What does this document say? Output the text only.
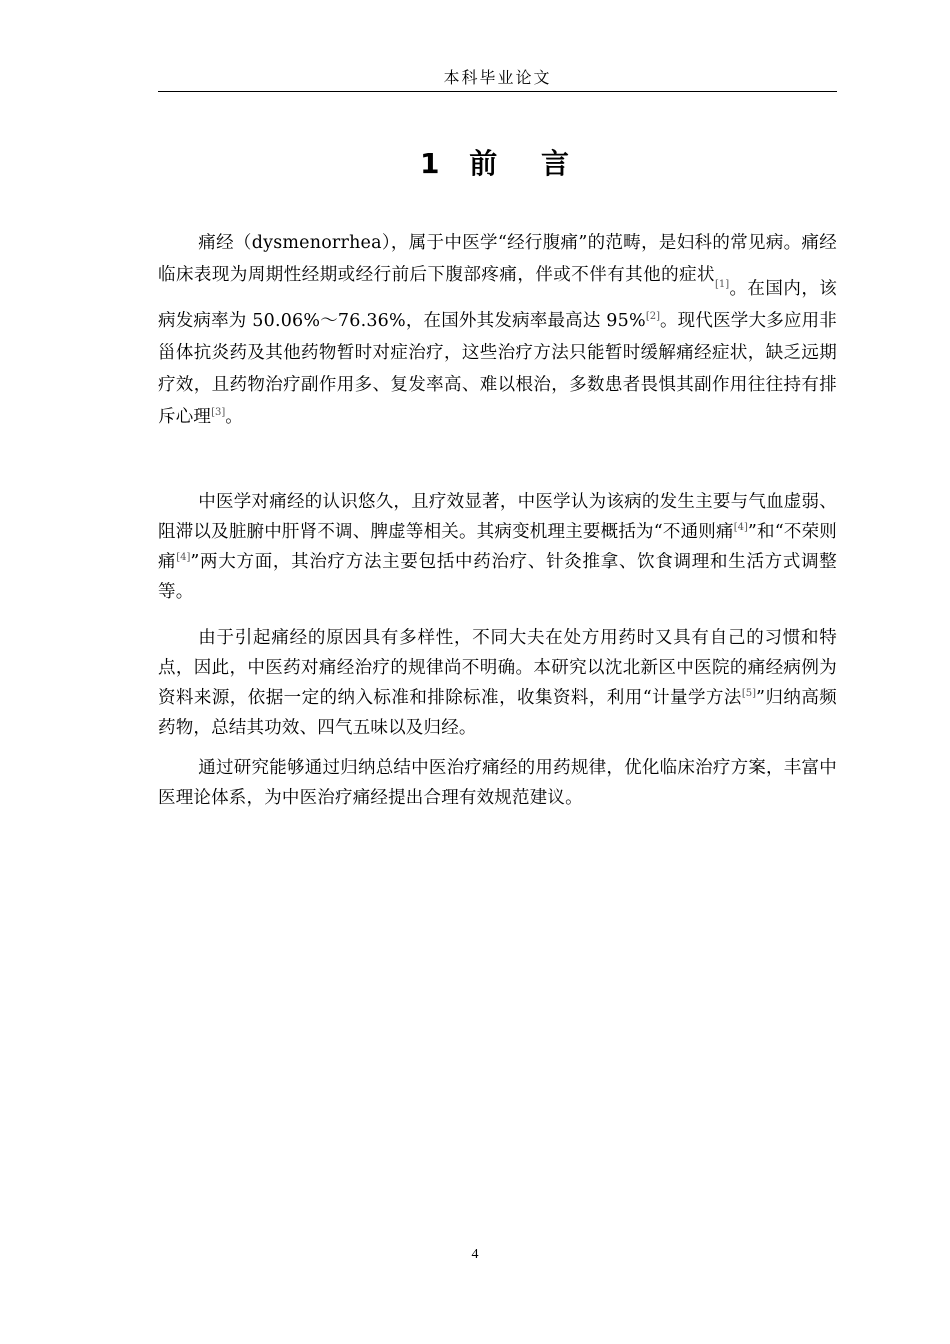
本科毕业论文
1 前 言

痛经（dysmenorrhea），属于中医学“经行腹痛”的范畴，是妇科的常见病。痛经临床表现为周期性经期或经行前后下腹部疼痛，伴或不伴有其他的症状[1]。在国内，该病发病率为 50.06%～76.36%，在国外其发病率最高达 95%[2]。现代医学大多应用非甾体抗炎药及其他药物暂时对症治疗，这些治疗方法只能暂时缓解痛经症状，缺乏远期疗效，且药物治疗副作用多、复发率高、难以根治，多数患者畏惧其副作用往往持有排斥心理[3]。

中医学对痛经的认识悠久，且疗效显著，中医学认为该病的发生主要与气血虚弱、阻滞以及脏腑中肝肾不调、脾虚等相关。其病变机理主要概括为“不通则痛[4]”和“不荣则痛[4]”两大方面，其治疗方法主要包括中药治疗、针灸推拿、饮食调理和生活方式调整等。

由于引起痛经的原因具有多样性，不同大夫在处方用药时又具有自己的习惯和特点，因此，中医药对痛经治疗的规律尚不明确。本研究以沈北新区中医院的痛经病例为资料来源，依据一定的纳入标准和排除标准，收集资料，利用“计量学方法[5]”归纳高频药物，总结其功效、四气五味以及归经。

通过研究能够通过归纳总结中医治疗痛经的用药规律，优化临床治疗方案，丰富中医理论体系，为中医治疗痛经提出合理有效规范建议。

4
